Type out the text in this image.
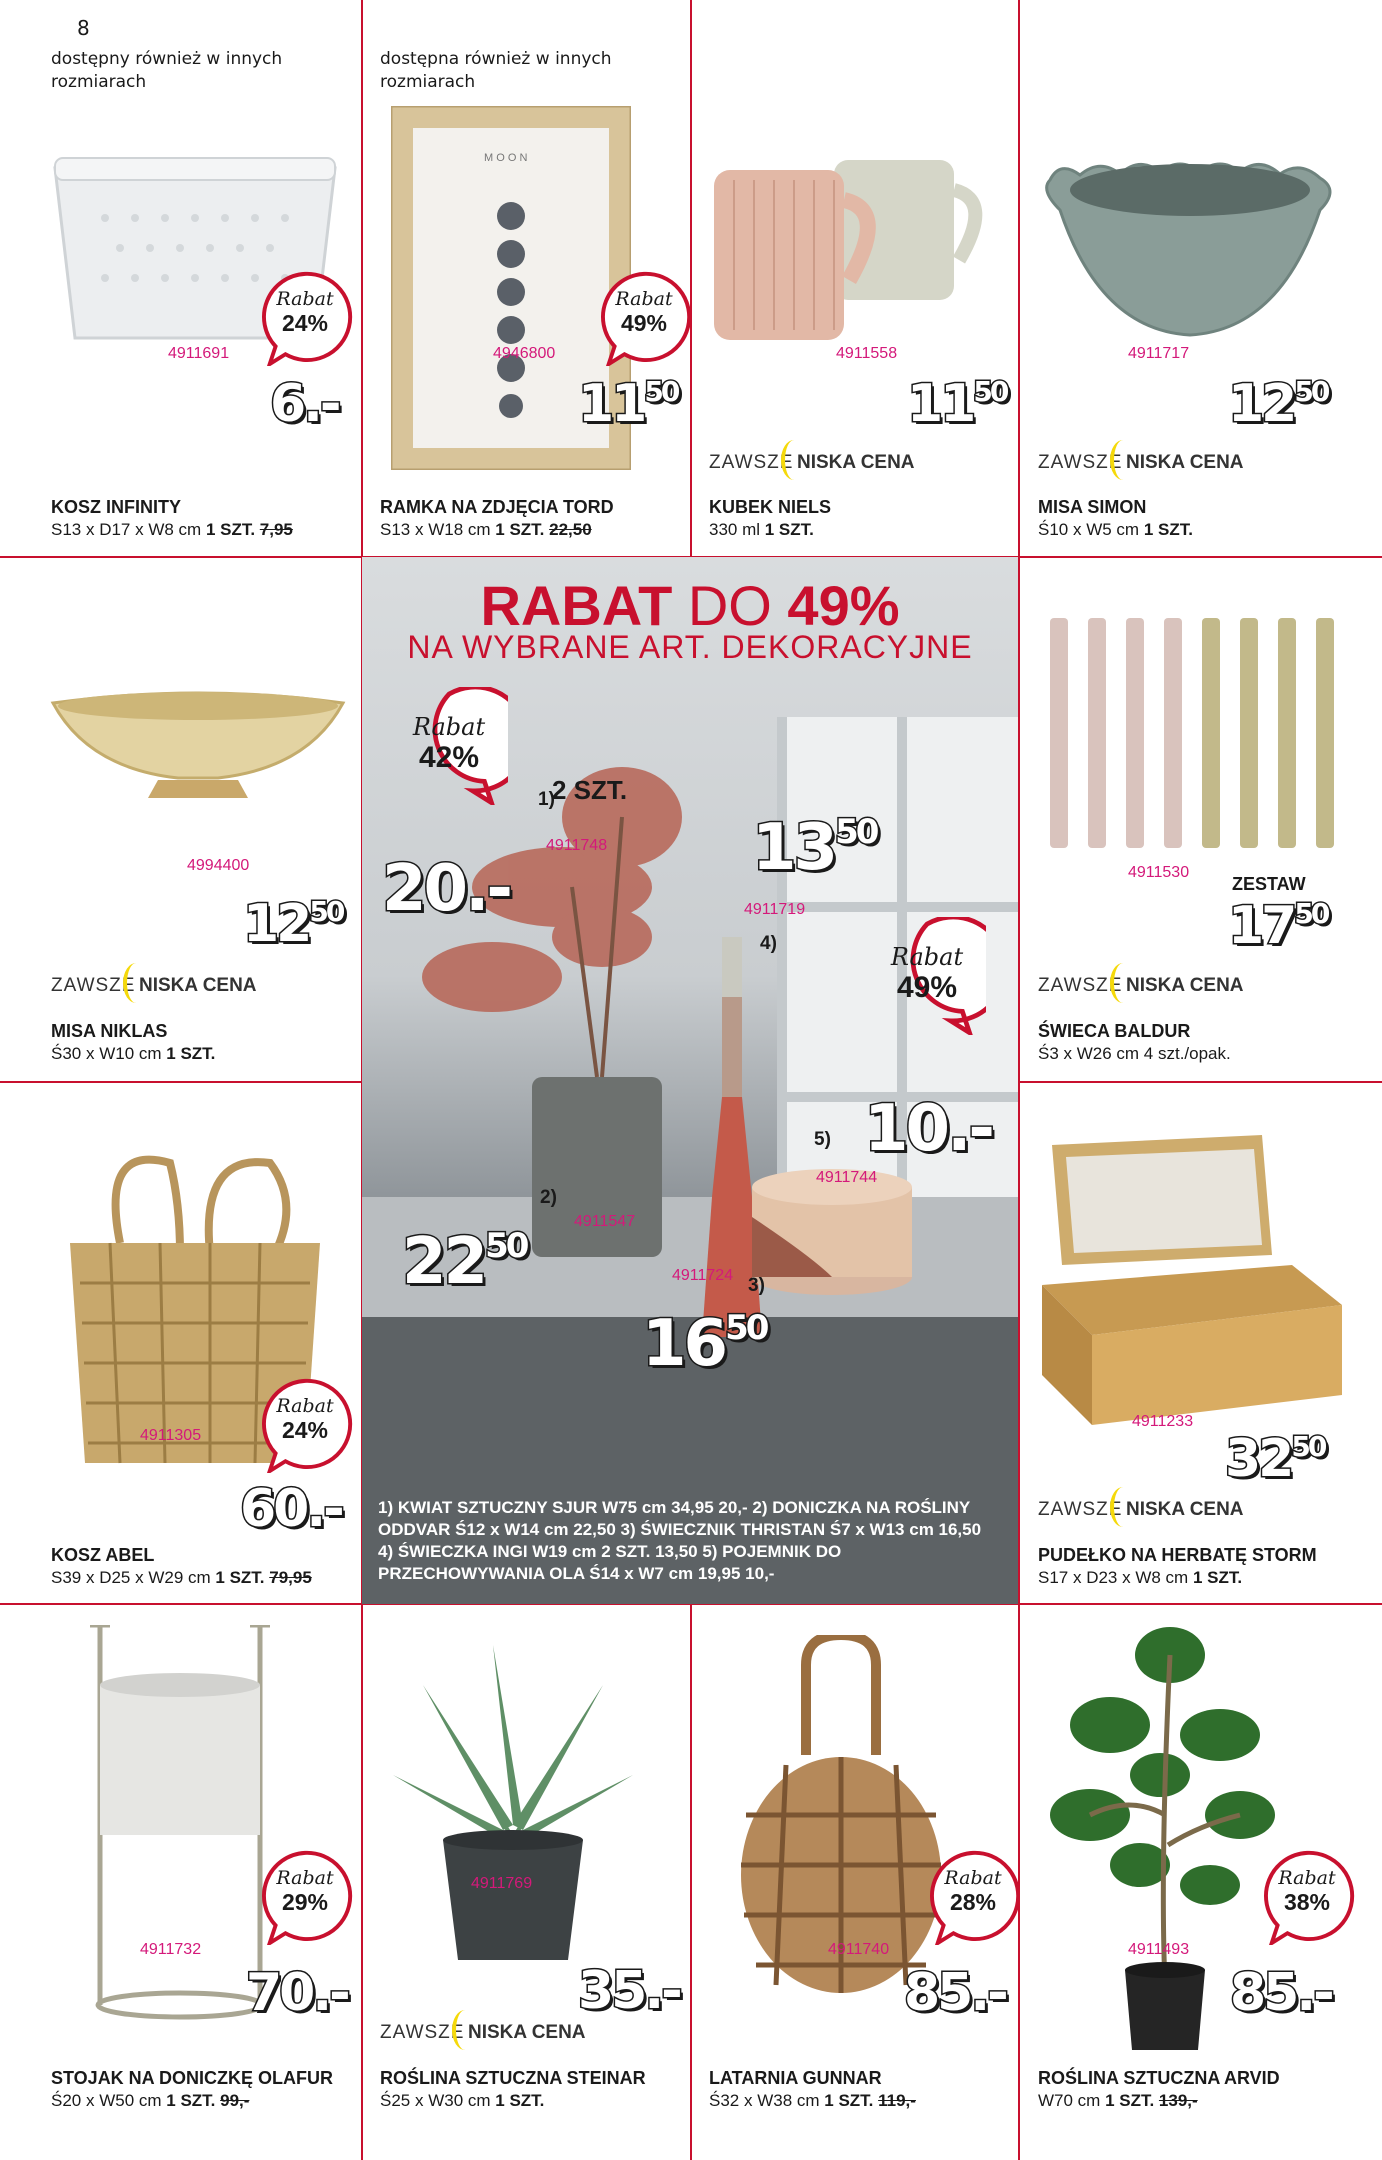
8
dostępny również w innych
rozmiarach
Rabat
24%
4911691
6.-
KOSZ INFINITY
S13 x D17 x W8 cm 1 SZT. 7,95
dostępna również w innych
rozmiarach
M O O N
Rabat
49%
4946800
1150
RAMKA NA ZDJĘCIA TORD
S13 x W18 cm 1 SZT. 22,50
4911558
1150
ZAWSZE NISKA CENA
KUBEK NIELS
330 ml 1 SZT.
4911717
1250
ZAWSZE NISKA CENA
MISA SIMON
Ś10 x W5 cm 1 SZT.
4994400
1250
ZAWSZE NISKA CENA
MISA NIKLAS
Ś30 x W10 cm 1 SZT.
Rabat
24%
4911305
60.-
KOSZ ABEL
S39 x D25 x W29 cm 1 SZT. 79,95
RABAT DO 49%
NA WYBRANE ART. DEKORACYJNE
Rabat
42%
Rabat
49%
20.-
2 SZT.
1350
10.-
2250
1650
1)
2)
3)
4)
5)
4911748
4911547
4911724
4911719
4911744
1) KWIAT SZTUCZNY SJUR W75 cm 34,95 20,- 2) DONICZKA NA ROŚLINY
ODDVAR Ś12 x W14 cm 22,50 3) ŚWIECZNIK THRISTAN Ś7 x W13 cm 16,50
4) ŚWIECZKA INGI W19 cm 2 SZT. 13,50 5) POJEMNIK DO
PRZECHOWYWANIA OLA Ś14 x W7 cm 19,95 10,-
4911530
ZESTAW
1750
ZAWSZE NISKA CENA
ŚWIECA BALDUR
Ś3 x W26 cm 4 szt./opak.
4911233
3250
ZAWSZE NISKA CENA
PUDEŁKO NA HERBATĘ STORM
S17 x D23 x W8 cm 1 SZT.
Rabat
29%
4911732
70.-
STOJAK NA DONICZKĘ OLAFUR
Ś20 x W50 cm 1 SZT. 99,-
4911769
35.-
ZAWSZE NISKA CENA
ROŚLINA SZTUCZNA STEINAR
Ś25 x W30 cm 1 SZT.
Rabat
28%
4911740
85.-
LATARNIA GUNNAR
Ś32 x W38 cm 1 SZT. 119,-
Rabat
38%
4911493
85.-
ROŚLINA SZTUCZNA ARVID
W70 cm 1 SZT. 139,-
